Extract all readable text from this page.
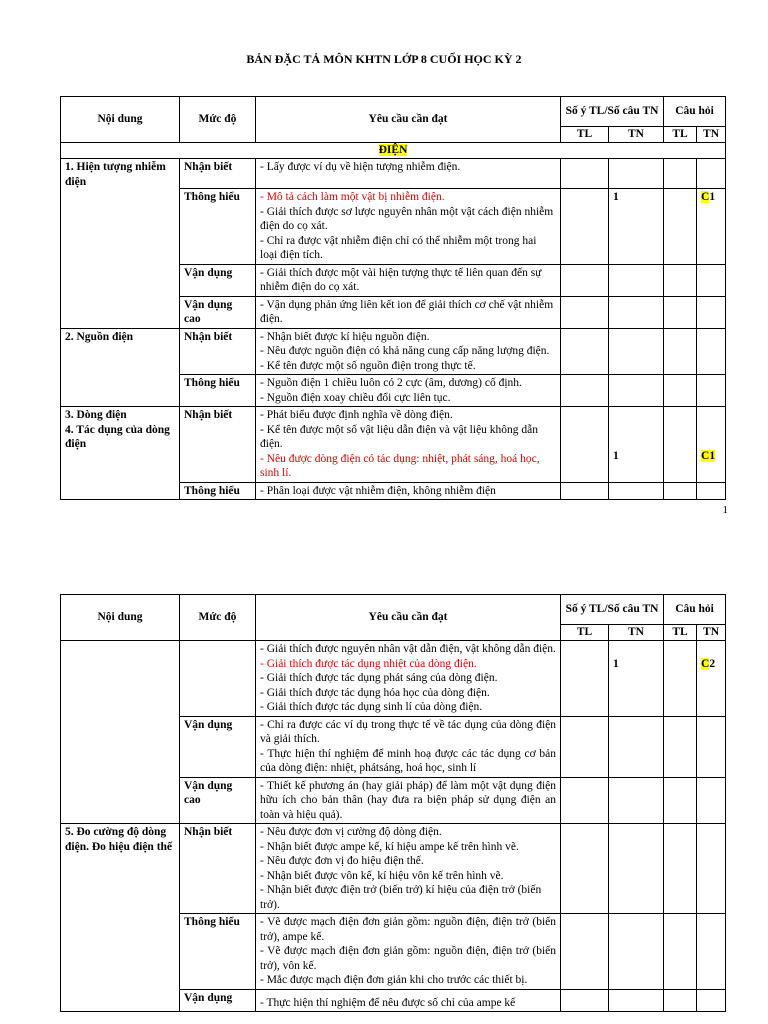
BẢN ĐẶC TẢ MÔN KHTN LỚP 8 CUỐI HỌC KỲ 2
Nội dung	Mức độ	Yêu cầu cần đạt	Số ý TL/Số câu TN		Câu hỏi	
			TL	TN	TL	TN
ĐIỆN						
1. Hiện tượng nhiễm điện	Nhận biết	- Lấy được ví dụ về hiện tượng nhiễm điện.				

	Thông hiểu	- Mô tả cách làm một vật bị nhiễm điện.
- Giải thích được sơ lược nguyên nhân một vật cách điện nhiễm điện do cọ xát.
- Chỉ ra được vật nhiễm điện chỉ có thể nhiễm một trong hai loại điện tích.		1		C1
	Vận dụng	- Giải thích được một vài hiện tượng thực tế liên quan đến sự nhiễm điện do cọ xát.				

	Vận dụng cao	- Vận dụng phản ứng liên kết ion để giải thích cơ chế vật nhiễm điện.				

2. Nguồn điện	Nhận biết	- Nhận biết được kí hiệu nguồn điện.
- Nêu được nguồn điện có khả năng cung cấp năng lượng điện.
- Kể tên được một số nguồn điện trong thực tế.				

	Thông hiểu	- Nguồn điện 1 chiều luôn có 2 cực (âm, dương) cố định.
- Nguồn điện xoay chiều đổi cực liên tục.				

3. Dòng điện
4. Tác dụng của dòng điện	Nhận biết	- Phát biểu được định nghĩa về dòng điện.
- Kể tên được một số vật liệu dẫn điện và vật liệu không dẫn điện.
- Nêu được dòng điện có tác dụng: nhiệt, phát sáng, hoá học, sinh lí.		1		C1
	Thông hiểu	- Phân loại được vật nhiễm điện, không nhiễm điện				

1
Nội dung	Mức độ	Yêu cầu cần đạt	Số ý TL/Số câu TN		Câu hỏi	
			TL	TN	TL	TN

		- Giải thích được nguyên nhân vật dẫn điện, vật không dẫn điện.
- Giải thích được tác dụng nhiệt của dòng điện.
- Giải thích được tác dụng phát sáng của dòng điện.
- Giải thích được tác dụng hóa học của dòng điện.
- Giải thích được tác dụng sinh lí của dòng điện.		1		C2
	Vận dụng	- Chỉ ra được các ví dụ trong thực tế về tác dụng của dòng điện và giải thích.
- Thực hiện thí nghiệm để minh hoạ được các tác dụng cơ bản của dòng điện: nhiệt, phátsáng, hoá học, sinh lí				

	Vận dụng cao	- Thiết kế phương án (hay giải pháp) để làm một vật dụng điện hữu ích cho bản thân (hay đưa ra biện pháp sử dụng điện an toàn và hiệu quả).				

5. Đo cường độ dòng điện. Đo hiệu điện thế	Nhận biết	- Nêu được đơn vị cường độ dòng điện.
- Nhận biết được ampe kế, kí hiệu ampe kế trên hình vẽ.
- Nêu được đơn vị đo hiệu điện thế.
- Nhận biết được vôn kế, kí hiệu vôn kế trên hình vẽ.
- Nhận biết được điện trở (biến trở) kí hiệu của điện trở (biến trở).				

	Thông hiểu	- Vẽ được mạch điện đơn giản gồm: nguồn điện, điện trở (biến trở), ampe kế.
- Vẽ được mạch điện đơn giản gồm: nguồn điện, điện trở (biến trở), vôn kế.
- Mắc được mạch điện đơn giản khi cho trước các thiết bị.				

	Vận dụng	- Thực hiện thí nghiệm để nêu được số chỉ của ampe kế				
